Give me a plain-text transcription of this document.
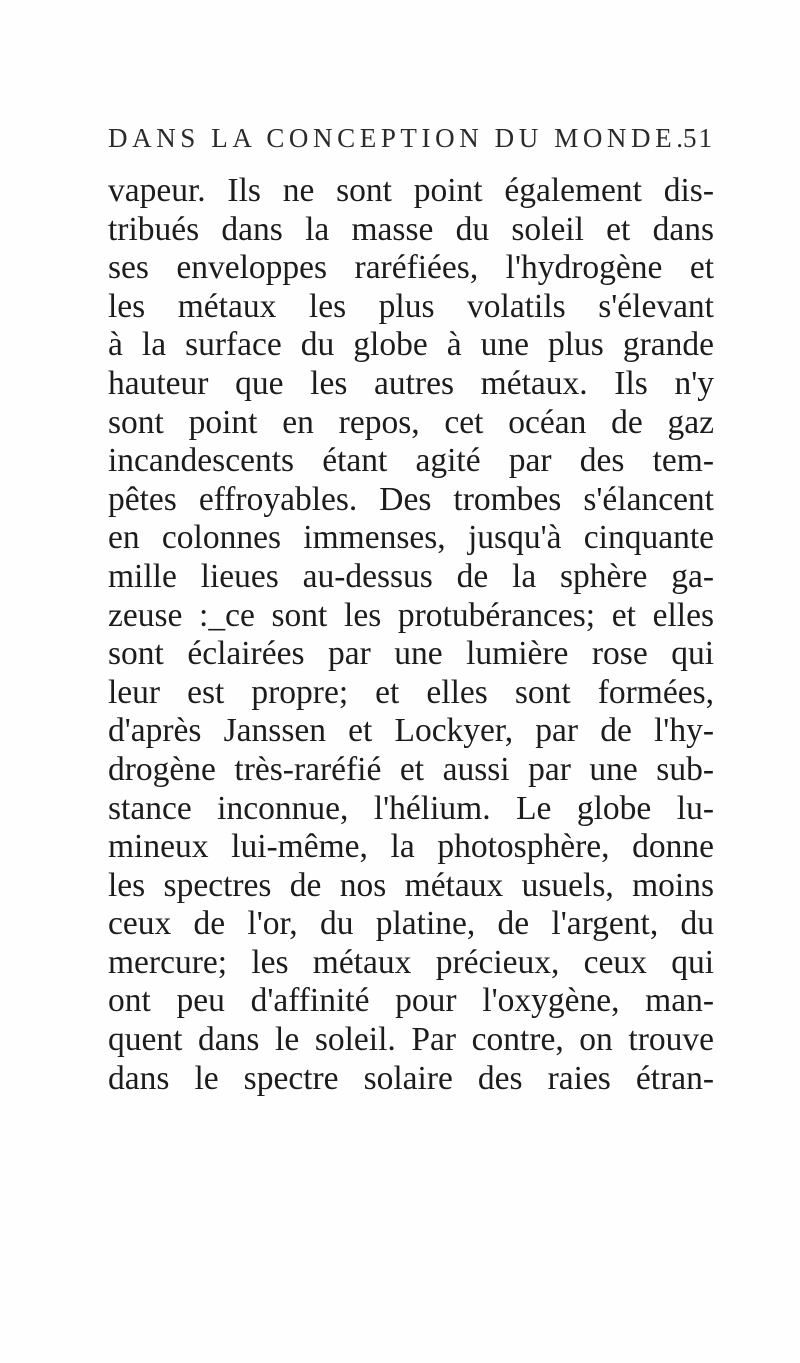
DANS LA CONCEPTION DU MONDE.
51
vapeur. Ils ne sont point également dis-
tribués dans la masse du soleil et dans
ses enveloppes raréfiées, l'hydrogène et
les métaux les plus volatils s'élevant
à la surface du globe à une plus grande
hauteur que les autres métaux. Ils n'y
sont point en repos, cet océan de gaz
incandescents étant agité par des tem-
pêtes effroyables. Des trombes s'élancent
en colonnes immenses, jusqu'à cinquante
mille lieues au-dessus de la sphère ga-
zeuse :_ce sont les protubérances; et elles
sont éclairées par une lumière rose qui
leur est propre; et elles sont formées,
d'après Janssen et Lockyer, par de l'hy-
drogène très-raréfié et aussi par une sub-
stance inconnue, l'hélium. Le globe lu-
mineux lui-même, la photosphère, donne
les spectres de nos métaux usuels, moins
ceux de l'or, du platine, de l'argent, du
mercure; les métaux précieux, ceux qui
ont peu d'affinité pour l'oxygène, man-
quent dans le soleil. Par contre, on trouve
dans le spectre solaire des raies étran-
